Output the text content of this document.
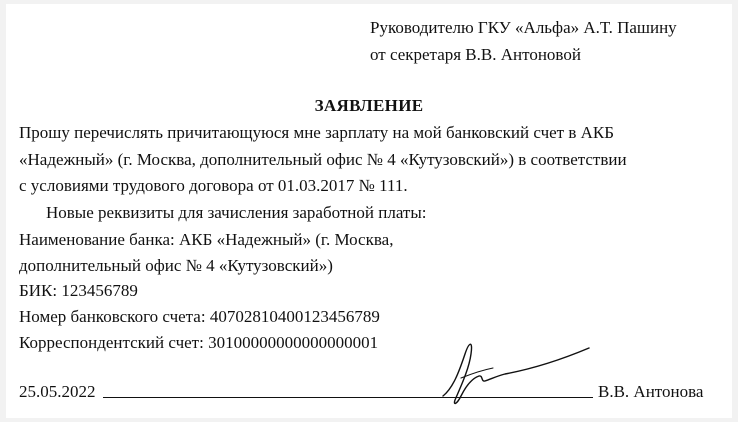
Руководителю ГКУ «Альфа» А.Т. Пашину
от секретаря В.В. Антоновой
ЗАЯВЛЕНИЕ
Прошу перечислять причитающуюся мне зарплату на мой банковский счет в АКБ
«Надежный» (г. Москва, дополнительный офис № 4 «Кутузовский») в соответствии
с условиями трудового договора от 01.03.2017 № 111.
Новые реквизиты для зачисления заработной платы:
Наименование банка: АКБ «Надежный» (г. Москва,
дополнительный офис № 4 «Кутузовский»)
БИК: 123456789
Номер банковского счета: 40702810400123456789
Корреспондентский счет: 30100000000000000001
25.05.2022	В.В. Антонова
